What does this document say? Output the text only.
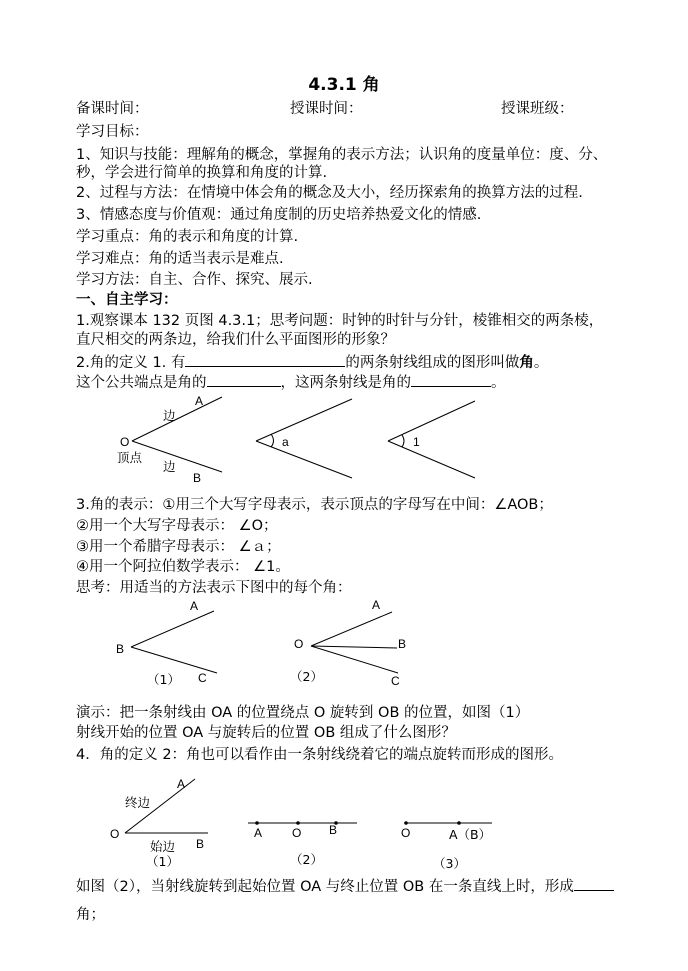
4.3.1 角
备课时间：	授课时间：	授课班级：
学习目标：
1、知识与技能：理解角的概念，掌握角的表示方法；认识角的度量单位：度、分、
秒，学会进行简单的换算和角度的计算.
2、过程与方法：在情境中体会角的概念及大小，经历探索角的换算方法的过程.
3、情感态度与价值观：通过角度制的历史培养热爱文化的情感.
学习重点：角的表示和角度的计算.
学习难点：角的适当表示是难点.
学习方法：自主、合作、探究、展示.
一、自主学习：
1.观察课本 132 页图 4.3.1；思考问题：时钟的时针与分针，棱锥相交的两条棱，
直尺相交的两条边，给我们什么平面图形的形象？
2.角的定义 1. 有	的两条射线组成的图形叫做角。
这个公共端点是角的	，这两条射线是角的	。
A
O
B
边
边
顶点
a	1
3.角的表示：①用三个大写字母表示，表示顶点的字母写在中间：∠AOB；
②用一个大写字母表示： ∠O；
③用一个希腊字母表示： ∠ａ；
④用一个阿拉伯数学表示： ∠1。
思考：用适当的方法表示下图中的每个角：
A
B
C
（1）
A
O	B
C
（2）
演示：把一条射线由 OA 的位置绕点 O 旋转到 OB 的位置，如图（1）
射线开始的位置 OA 与旋转后的位置 OB 组成了什么图形？
4．角的定义 2：角也可以看作由一条射线绕着它的端点旋转而形成的图形。
A
O
B
终边
始边
（1）
A O B
（2）
O	A（B）
（3）
如图（2），当射线旋转到起始位置 OA 与终止位置 OB 在一条直线上时，形成
角；
